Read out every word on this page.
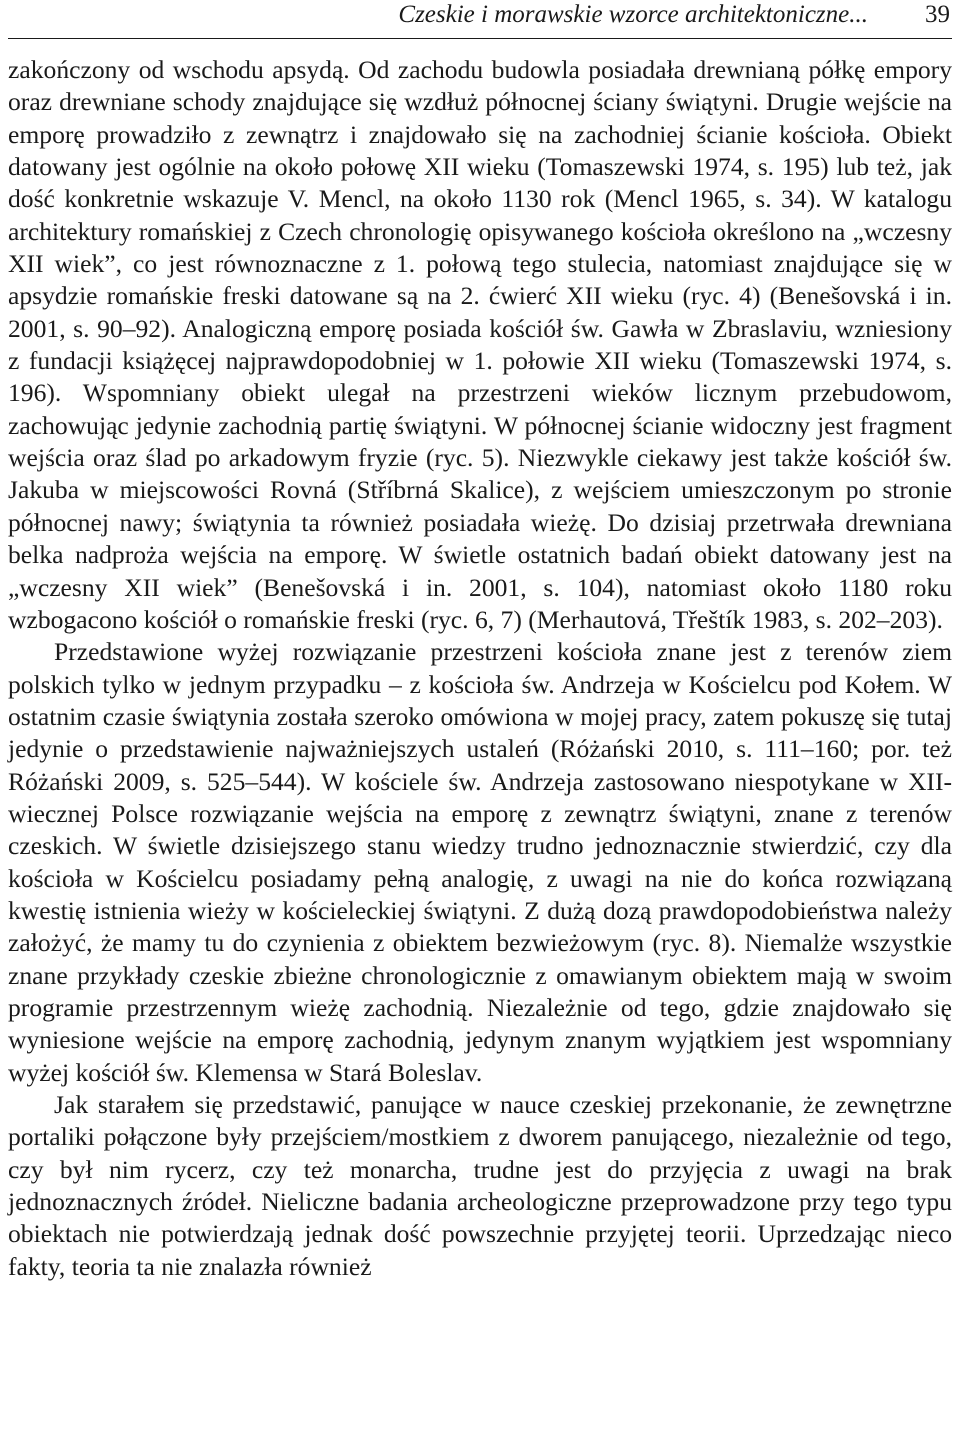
Czeskie i morawskie wzorce architektoniczne... 39

zakończony od wschodu apsydą. Od zachodu budowla posiadała drewnianą półkę empory oraz drewniane schody znajdujące się wzdłuż północnej ściany świątyni. Drugie wejście na emporę prowadziło z zewnątrz i znajdowało się na zachodniej ścianie kościoła. Obiekt datowany jest ogólnie na około połowę XII wieku (Tomaszewski 1974, s. 195) lub też, jak dość konkretnie wskazuje V. Mencl, na około 1130 rok (Mencl 1965, s. 34). W katalogu architektury romańskiej z Czech chronologię opisywanego kościoła określono na „wczesny XII wiek”, co jest równoznaczne z 1. połową tego stulecia, natomiast znajdujące się w apsydzie romańskie freski datowane są na 2. ćwierć XII wieku (ryc. 4) (Benešovská i in. 2001, s. 90–92). Analogiczną emporę posiada kościół św. Gawła w Zbraslaviu, wzniesiony z fundacji książęcej najprawdopodobniej w 1. połowie XII wieku (Tomaszewski 1974, s. 196). Wspomniany obiekt ulegał na przestrzeni wieków licznym przebudowom, zachowując jedynie zachodnią partię świątyni. W północnej ścianie widoczny jest fragment wejścia oraz ślad po arkadowym fryzie (ryc. 5). Niezwykle ciekawy jest także kościół św. Jakuba w miejscowości Rovná (Stříbrná Skalice), z wejściem umieszczonym po stronie północnej nawy; świątynia ta również posiadała wieżę. Do dzisiaj przetrwała drewniana belka nadproża wejścia na emporę. W świetle ostatnich badań obiekt datowany jest na „wczesny XII wiek” (Benešovská i in. 2001, s. 104), natomiast około 1180 roku wzbogacono kościół o romańskie freski (ryc. 6, 7) (Merhautová, Třeštík 1983, s. 202–203).

Przedstawione wyżej rozwiązanie przestrzeni kościoła znane jest z terenów ziem polskich tylko w jednym przypadku – z kościoła św. Andrzeja w Kościelcu pod Kołem. W ostatnim czasie świątynia została szeroko omówiona w mojej pracy, zatem pokuszę się tutaj jedynie o przedstawienie najważniejszych ustaleń (Różański 2010, s. 111–160; por. też Różański 2009, s. 525–544). W kościele św. Andrzeja zastosowano niespotykane w XII-wiecznej Polsce rozwiązanie wejścia na emporę z zewnątrz świątyni, znane z terenów czeskich. W świetle dzisiejszego stanu wiedzy trudno jednoznacznie stwierdzić, czy dla kościoła w Kościelcu posiadamy pełną analogię, z uwagi na nie do końca rozwiązaną kwestię istnienia wieży w kościeleckiej świątyni. Z dużą dozą prawdopodobieństwa należy założyć, że mamy tu do czynienia z obiektem bezwieżowym (ryc. 8). Niemalże wszystkie znane przykłady czeskie zbieżne chronologicznie z omawianym obiektem mają w swoim programie przestrzennym wieżę zachodnią. Niezależnie od tego, gdzie znajdowało się wyniesione wejście na emporę zachodnią, jedynym znanym wyjątkiem jest wspomniany wyżej kościół św. Klemensa w Stará Boleslav.

Jak starałem się przedstawić, panujące w nauce czeskiej przekonanie, że zewnętrzne portaliki połączone były przejściem/mostkiem z dworem panującego, niezależnie od tego, czy był nim rycerz, czy też monarcha, trudne jest do przyjęcia z uwagi na brak jednoznacznych źródeł. Nieliczne badania archeologiczne przeprowadzone przy tego typu obiektach nie potwierdzają jednak dość powszechnie przyjętej teorii. Uprzedzając nieco fakty, teoria ta nie znalazła również
